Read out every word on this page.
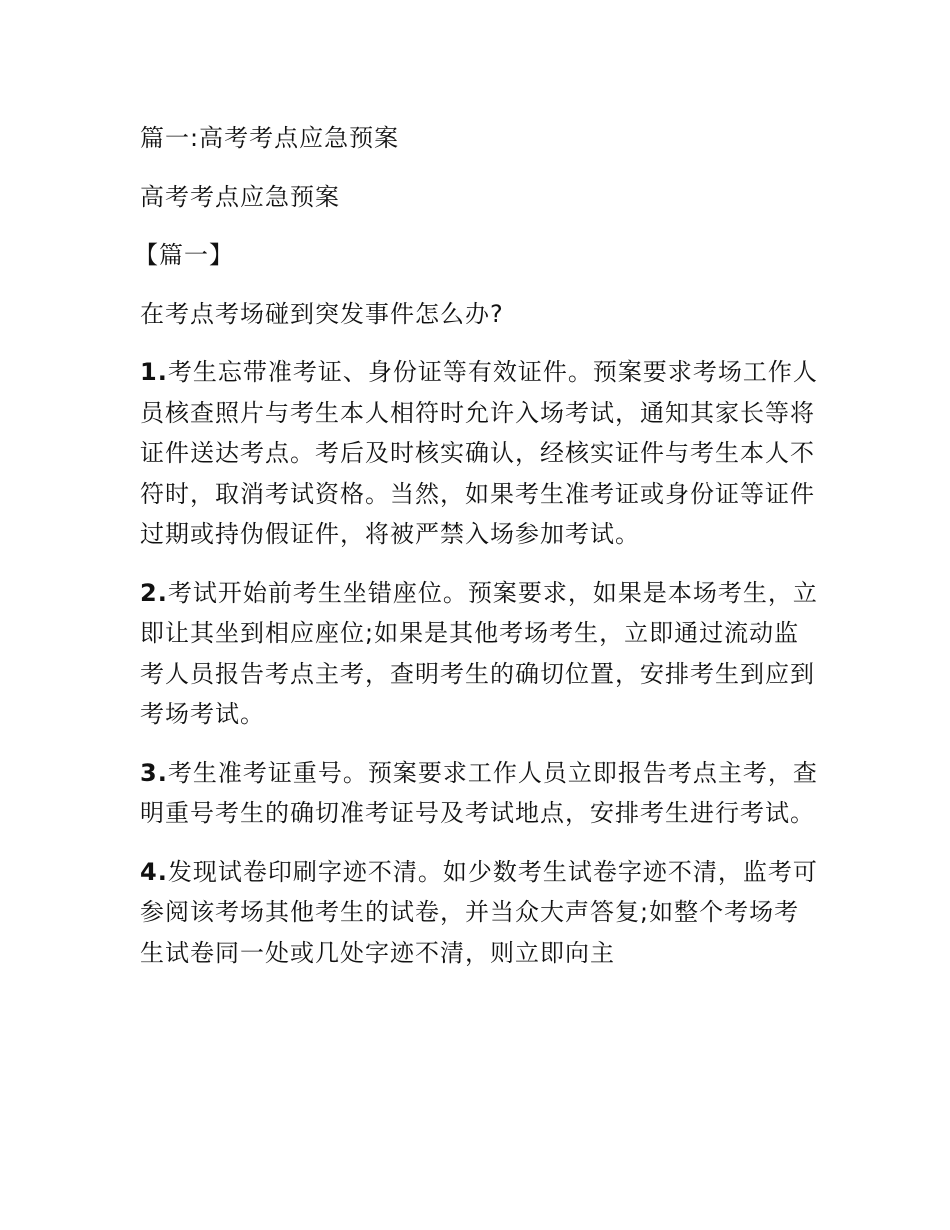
篇一:高考考点应急预案

高考考点应急预案

【篇一】

在考点考场碰到突发事件怎么办?

1.考生忘带准考证、身份证等有效证件。预案要求考场工作人员核查照片与考生本人相符时允许入场考试，通知其家长等将证件送达考点。考后及时核实确认，经核实证件与考生本人不符时，取消考试资格。当然，如果考生准考证或身份证等证件过期或持伪假证件，将被严禁入场参加考试。

2.考试开始前考生坐错座位。预案要求，如果是本场考生，立即让其坐到相应座位;如果是其他考场考生，立即通过流动监考人员报告考点主考，查明考生的确切位置，安排考生到应到考场考试。

3.考生准考证重号。预案要求工作人员立即报告考点主考，查明重号考生的确切准考证号及考试地点，安排考生进行考试。

4.发现试卷印刷字迹不清。如少数考生试卷字迹不清，监考可参阅该考场其他考生的试卷，并当众大声答复;如整个考场考生试卷同一处或几处字迹不清，则立即向主
